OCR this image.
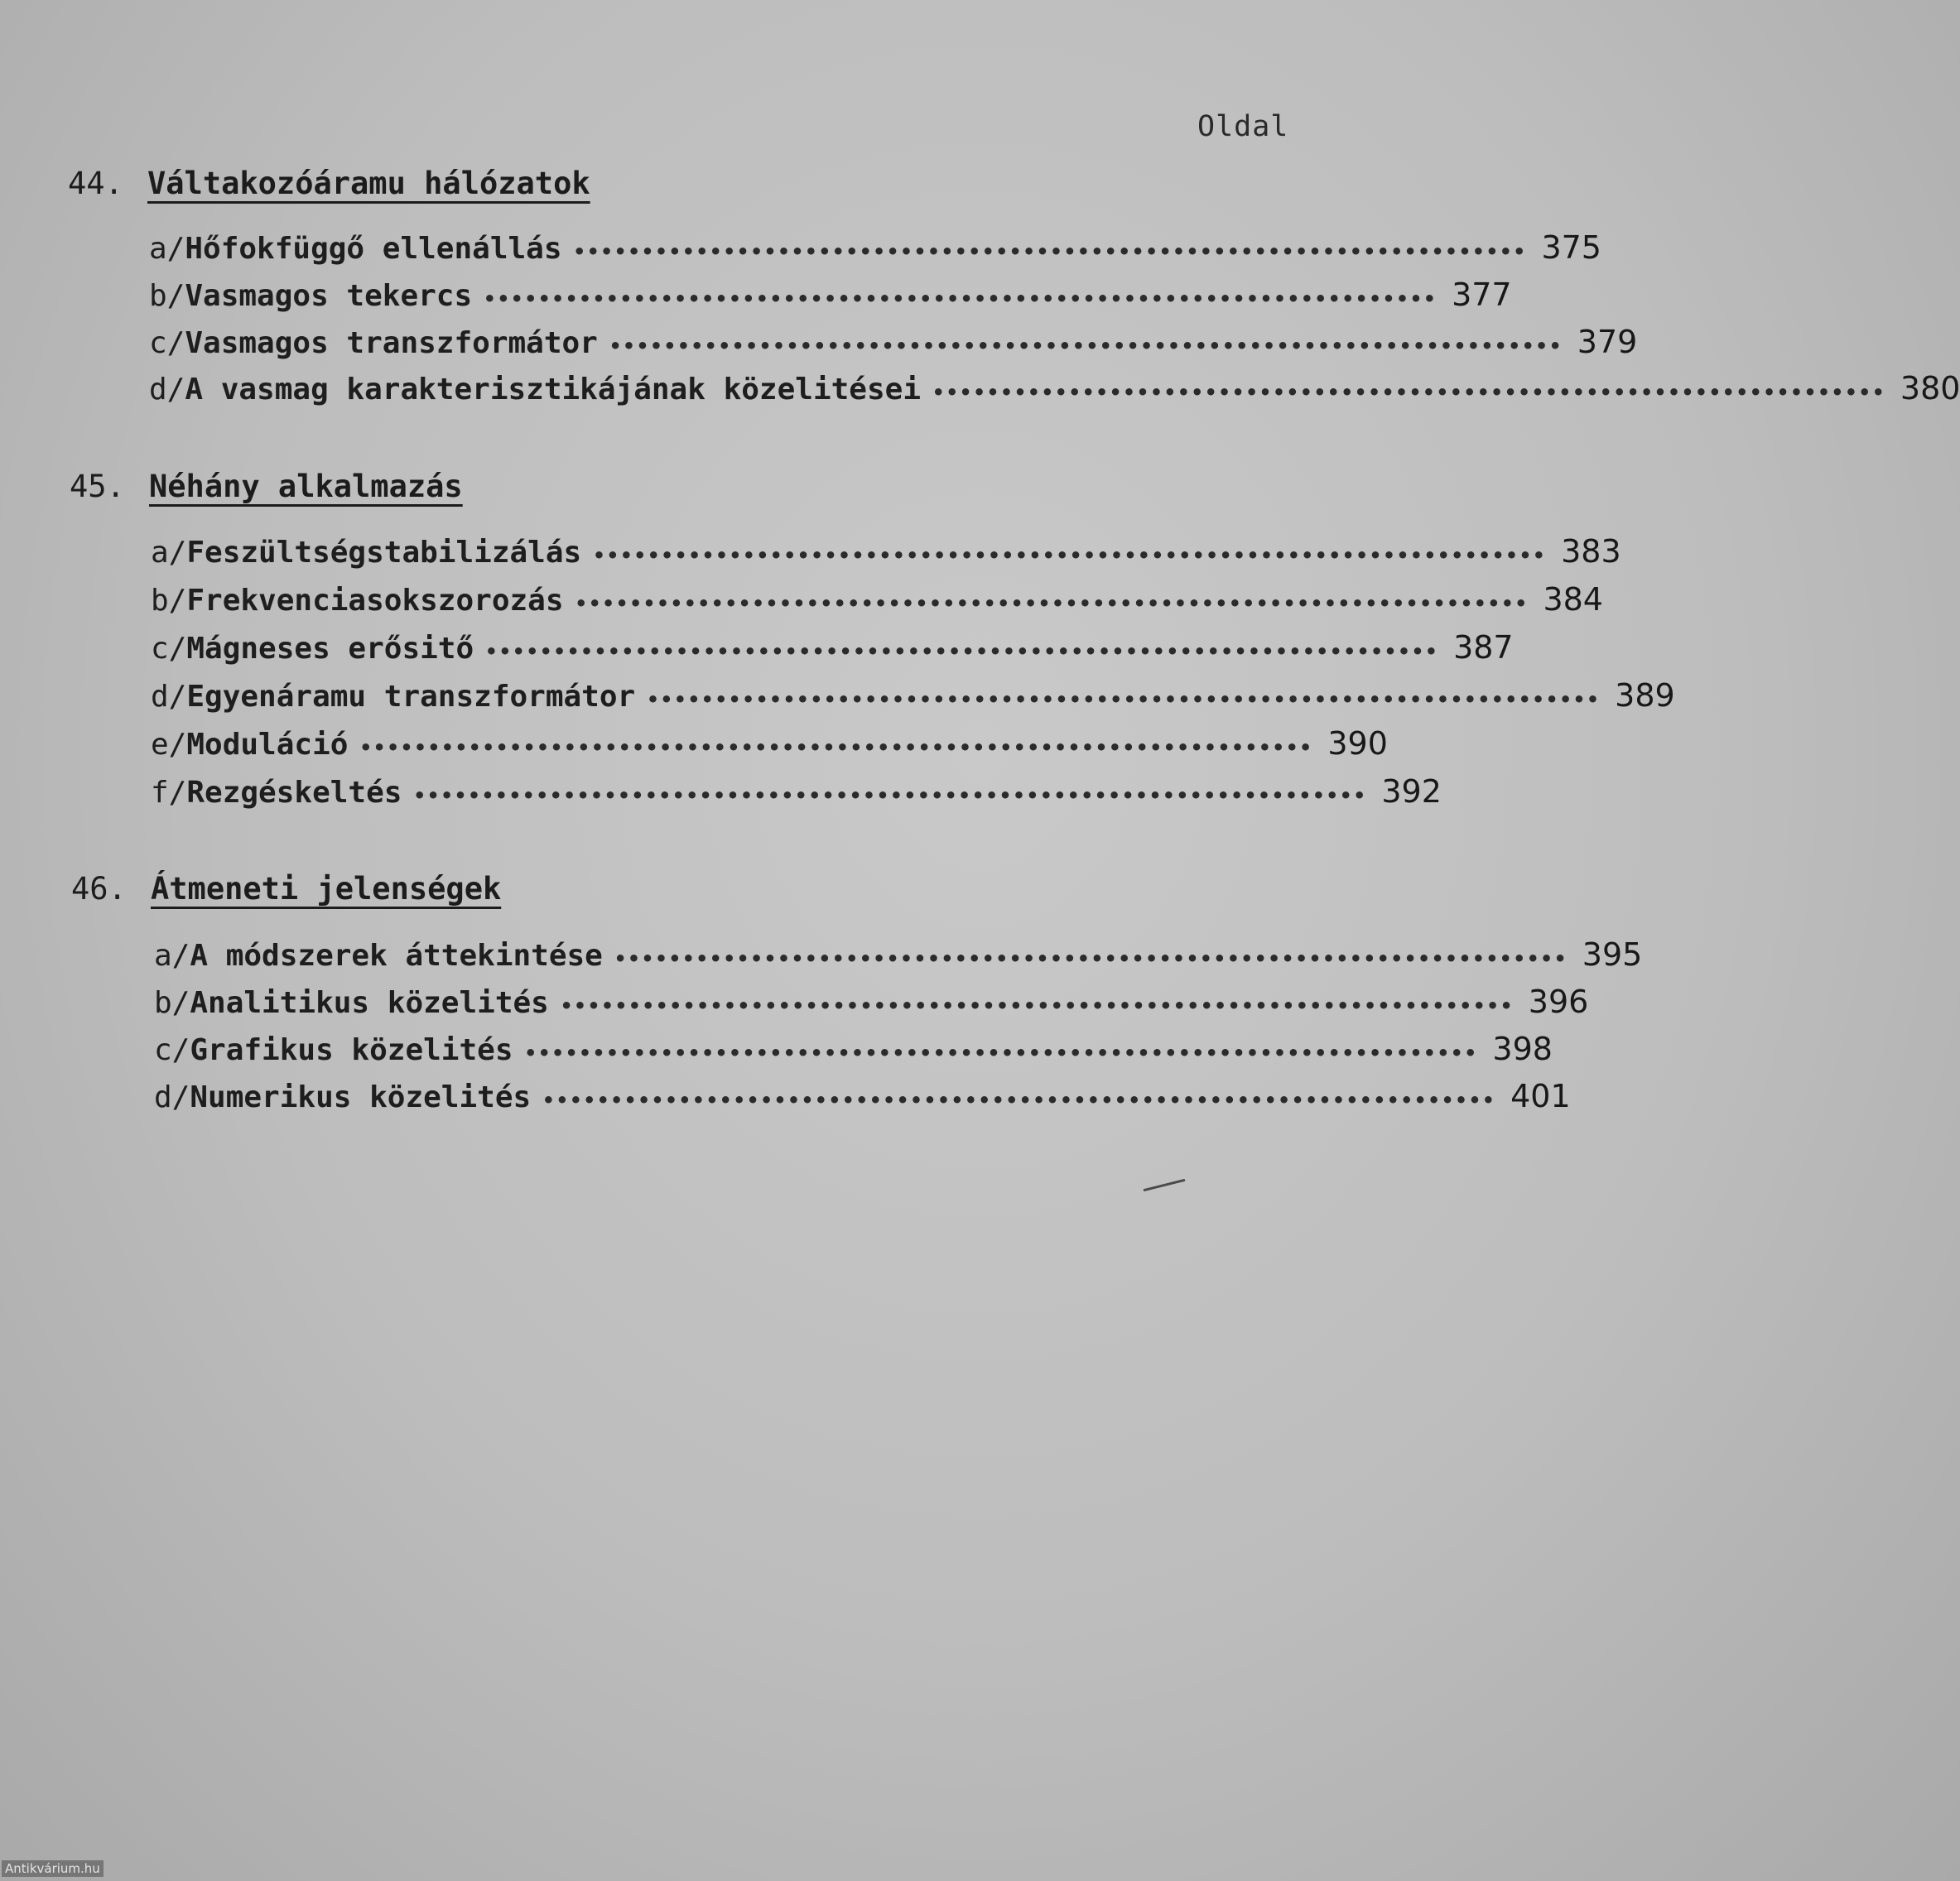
Oldal
44. Váltakozóáramu hálózatok
a/ Hőfokfüggő ellenállás •••••••••••••••••••••••••••••••••••••••••••••••••••••••••••••••••••••• 375
b/ Vasmagos tekercs •••••••••••••••••••••••••••••••••••••••••••••••••••••••••••••••••••••• 377
c/ Vasmagos transzformátor •••••••••••••••••••••••••••••••••••••••••••••••••••••••••••••••••••••• 379
d/ A vasmag karakterisztikájának közelitései •••••••••••••••••••••••••••••••••••••••••••••••••••••••••••••••••••••• 380
45. Néhány alkalmazás
a/ Feszültségstabilizálás •••••••••••••••••••••••••••••••••••••••••••••••••••••••••••••••••••••• 383
b/ Frekvenciasokszorozás •••••••••••••••••••••••••••••••••••••••••••••••••••••••••••••••••••••• 384
c/ Mágneses erősitő •••••••••••••••••••••••••••••••••••••••••••••••••••••••••••••••••••••• 387
d/ Egyenáramu transzformátor •••••••••••••••••••••••••••••••••••••••••••••••••••••••••••••••••••••• 389
e/ Moduláció •••••••••••••••••••••••••••••••••••••••••••••••••••••••••••••••••••••• 390
f/ Rezgéskeltés •••••••••••••••••••••••••••••••••••••••••••••••••••••••••••••••••••••• 392
46. Átmeneti jelenségek
a/ A módszerek áttekintése •••••••••••••••••••••••••••••••••••••••••••••••••••••••••••••••••••••• 395
b/ Analitikus közelités •••••••••••••••••••••••••••••••••••••••••••••••••••••••••••••••••••••• 396
c/ Grafikus közelités •••••••••••••••••••••••••••••••••••••••••••••••••••••••••••••••••••••• 398
d/ Numerikus közelités •••••••••••••••••••••••••••••••••••••••••••••••••••••••••••••••••••••• 401
Antikvárium.hu
